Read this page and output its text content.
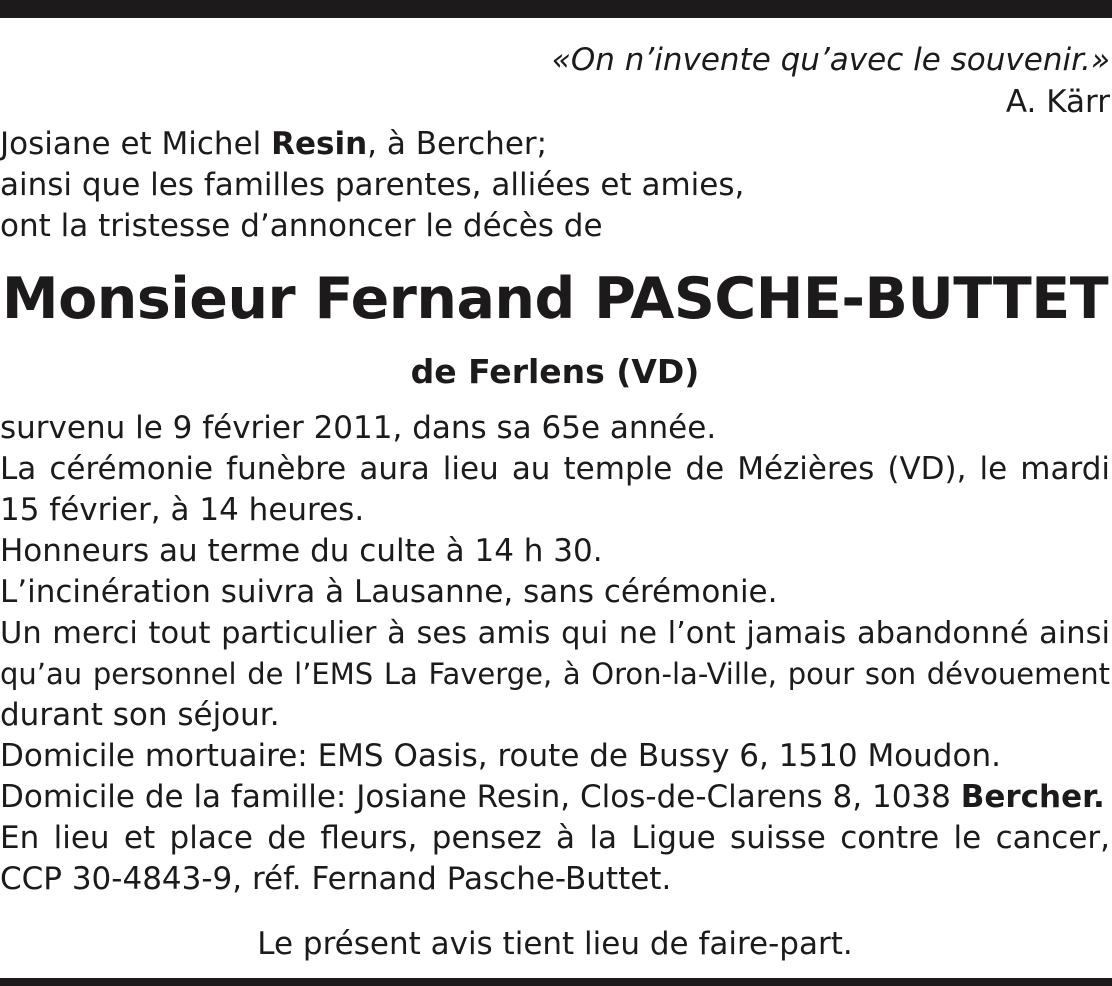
«On n’invente qu’avec le souvenir.»
A. Kärr
Josiane et Michel Resin, à Bercher;
ainsi que les familles parentes, alliées et amies,
ont la tristesse d’annoncer le décès de
Monsieur Fernand PASCHE-BUTTET
de Ferlens (VD)
survenu le 9 février 2011, dans sa 65e année.
La cérémonie funèbre aura lieu au temple de Mézières (VD), le mardi
15 février, à 14 heures.
Honneurs au terme du culte à 14 h 30.
L’incinération suivra à Lausanne, sans cérémonie.
Un merci tout particulier à ses amis qui ne l’ont jamais abandonné ainsi
qu’au personnel de l’EMS La Faverge, à Oron-la-Ville, pour son dévouement
durant son séjour.
Domicile mortuaire: EMS Oasis, route de Bussy 6, 1510 Moudon.
Domicile de la famille: Josiane Resin, Clos-de-Clarens 8, 1038 Bercher.
En lieu et place de fleurs, pensez à la Ligue suisse contre le cancer,
CCP 30-4843-9, réf. Fernand Pasche-Buttet.
Le présent avis tient lieu de faire-part.
